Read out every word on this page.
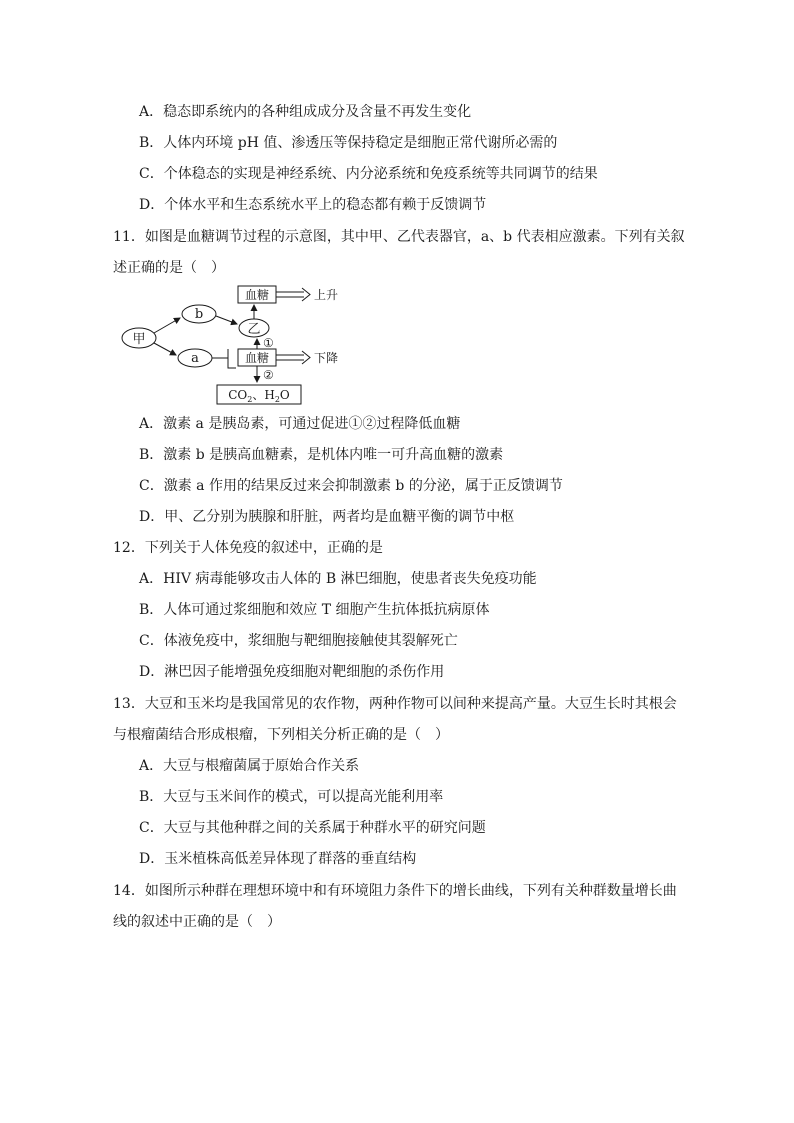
A．稳态即系统内的各种组成成分及含量不再发生变化
B．人体内环境 pH 值、渗透压等保持稳定是细胞正常代谢所必需的
C．个体稳态的实现是神经系统、内分泌系统和免疫系统等共同调节的结果
D．个体水平和生态系统水平上的稳态都有赖于反馈调节
11．如图是血糖调节过程的示意图，其中甲、乙代表器官，a、b 代表相应激素。下列有关叙
述正确的是（　）
甲
b
a
乙
血糖	上升
血糖
①
下降
②
$CO_2$、$H_2O$
A．激素 a 是胰岛素，可通过促进①②过程降低血糖
B．激素 b 是胰高血糖素，是机体内唯一可升高血糖的激素
C．激素 a 作用的结果反过来会抑制激素 b 的分泌，属于正反馈调节
D．甲、乙分别为胰腺和肝脏，两者均是血糖平衡的调节中枢
12．下列关于人体免疫的叙述中，正确的是
A．HIV 病毒能够攻击人体的 B 淋巴细胞，使患者丧失免疫功能
B．人体可通过浆细胞和效应 T 细胞产生抗体抵抗病原体
C．体液免疫中，浆细胞与靶细胞接触使其裂解死亡
D．淋巴因子能增强免疫细胞对靶细胞的杀伤作用
13．大豆和玉米均是我国常见的农作物，两种作物可以间种来提高产量。大豆生长时其根会
与根瘤菌结合形成根瘤，下列相关分析正确的是（　）
A．大豆与根瘤菌属于原始合作关系
B．大豆与玉米间作的模式，可以提高光能利用率
C．大豆与其他种群之间的关系属于种群水平的研究问题
D．玉米植株高低差异体现了群落的垂直结构
14．如图所示种群在理想环境中和有环境阻力条件下的增长曲线，下列有关种群数量增长曲
线的叙述中正确的是（　）
